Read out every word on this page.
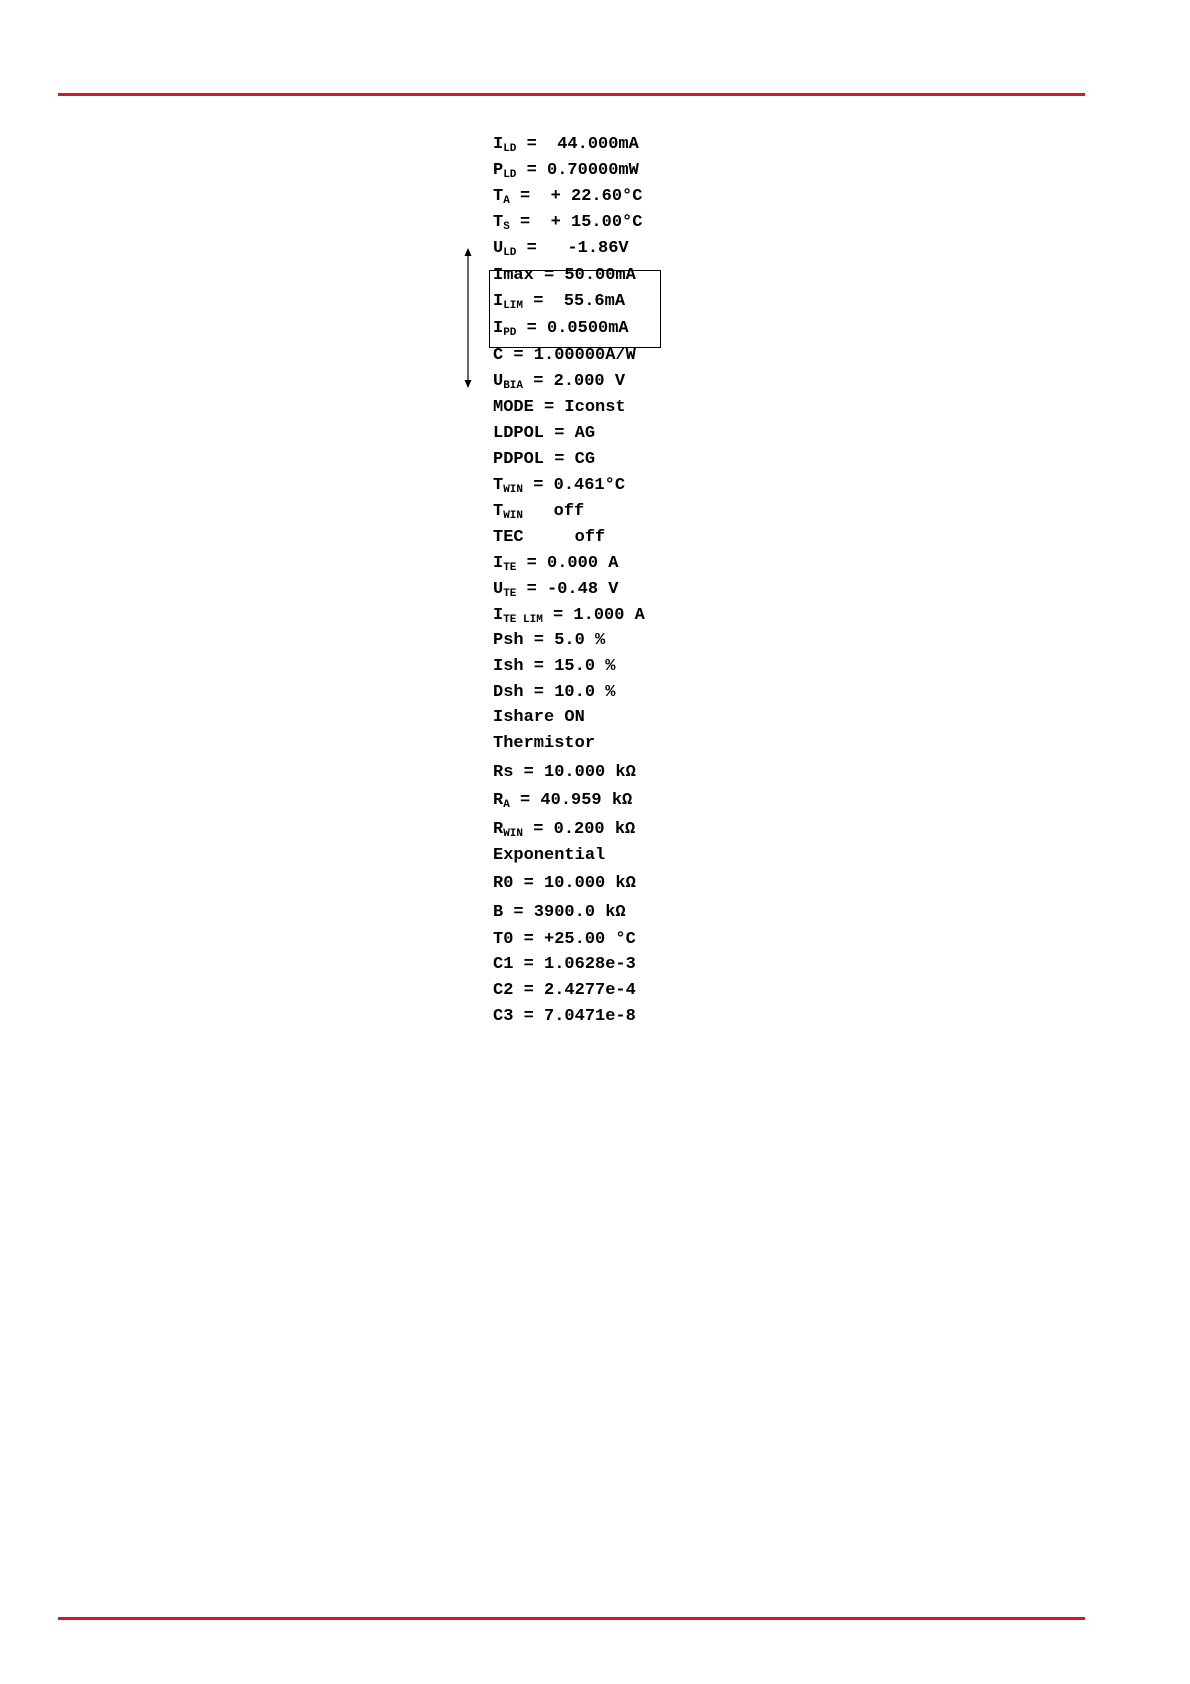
ILD =  44.000mA
PLD = 0.70000mW
TA =  + 22.60°C
TS =  + 15.00°C
ULD =   -1.86V
Imax = 50.00mA
ILIM =  55.6mA
IPD = 0.0500mA
C = 1.00000A/W
UBIA = 2.000 V
MODE = Iconst
LDPOL = AG
PDPOL = CG
TWIN = 0.461°C
TWIN   off
TEC     off
ITE = 0.000 A
UTE = -0.48 V
ITE LIM = 1.000 A
Psh = 5.0 %
Ish = 15.0 %
Dsh = 10.0 %
Ishare ON
Thermistor
Rs = 10.000 kΩ
RA = 40.959 kΩ
RWIN = 0.200 kΩ
Exponential
R0 = 10.000 kΩ
B = 3900.0 kΩ
T0 = +25.00 °C
C1 = 1.0628e-3
C2 = 2.4277e-4
C3 = 7.0471e-8
